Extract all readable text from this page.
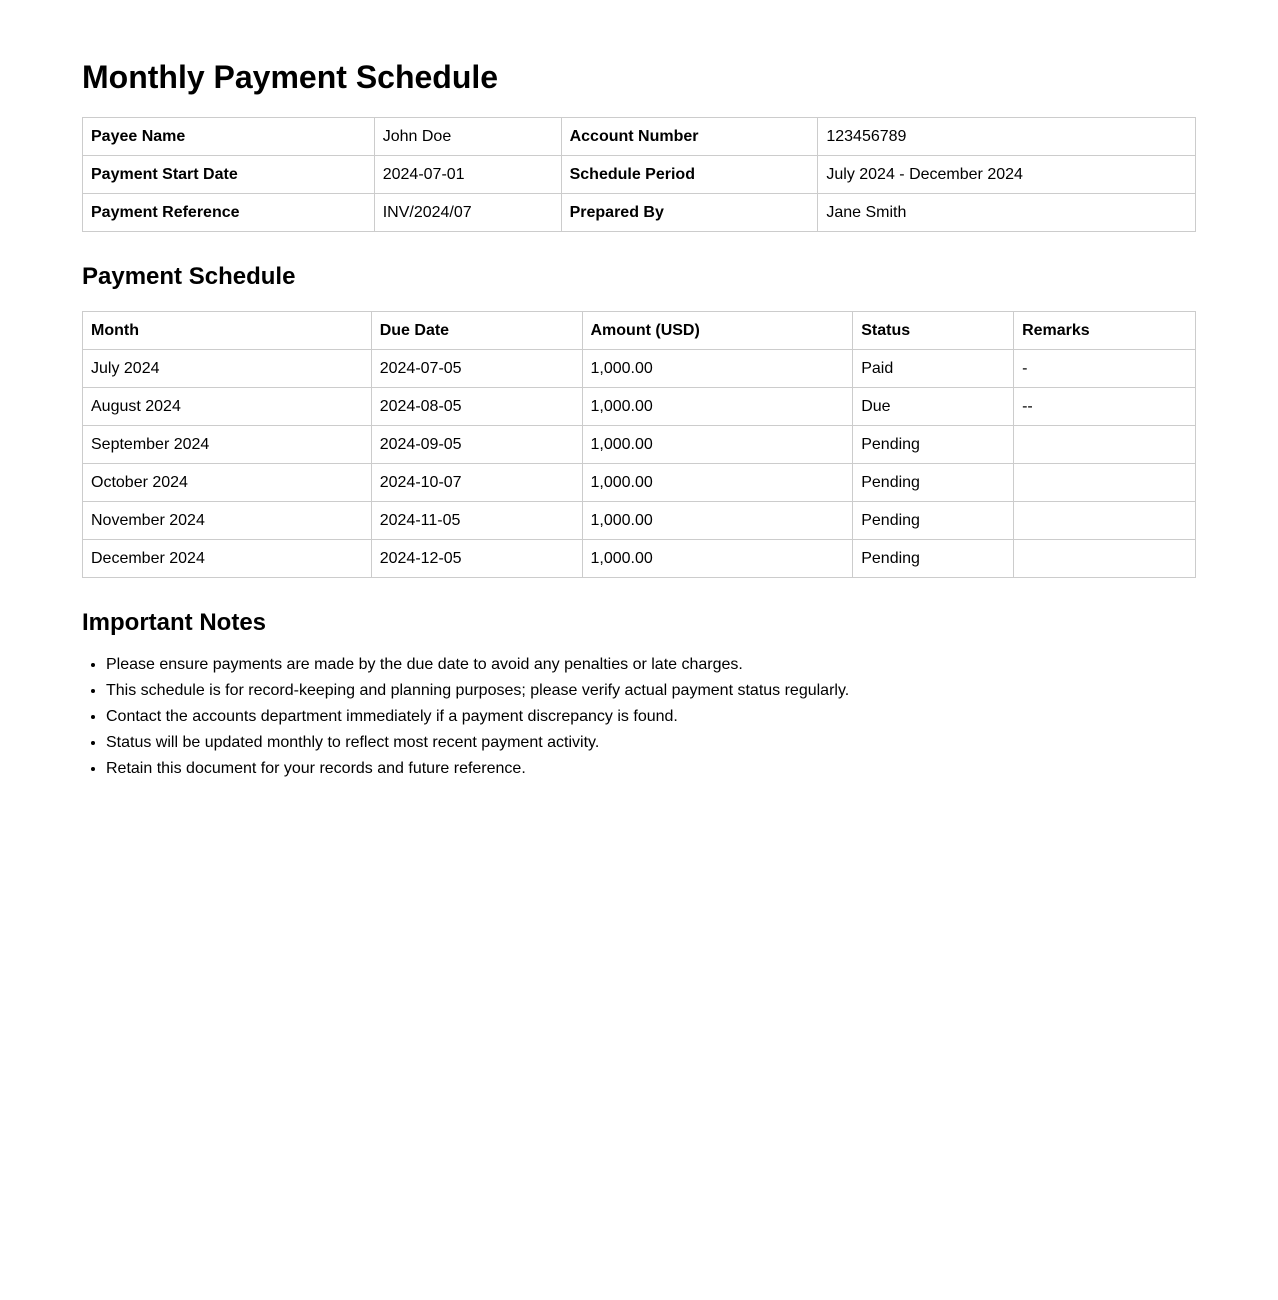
Monthly Payment Schedule
Payee Name	John Doe	Account Number	123456789
Payment Start Date	2024-07-01	Schedule Period	July 2024 - December 2024
Payment Reference	INV/2024/07	Prepared By	Jane Smith
Payment Schedule
Month	Due Date	Amount (USD)	Status	Remarks
July 2024	2024-07-05	1,000.00	Paid	-
August 2024	2024-08-05	1,000.00	Due	--
September 2024	2024-09-05	1,000.00	Pending	
October 2024	2024-10-07	1,000.00	Pending	
November 2024	2024-11-05	1,000.00	Pending	
December 2024	2024-12-05	1,000.00	Pending	
Important Notes
• Please ensure payments are made by the due date to avoid any penalties or late charges.
• This schedule is for record-keeping and planning purposes; please verify actual payment status regularly.
• Contact the accounts department immediately if a payment discrepancy is found.
• Status will be updated monthly to reflect most recent payment activity.
• Retain this document for your records and future reference.
